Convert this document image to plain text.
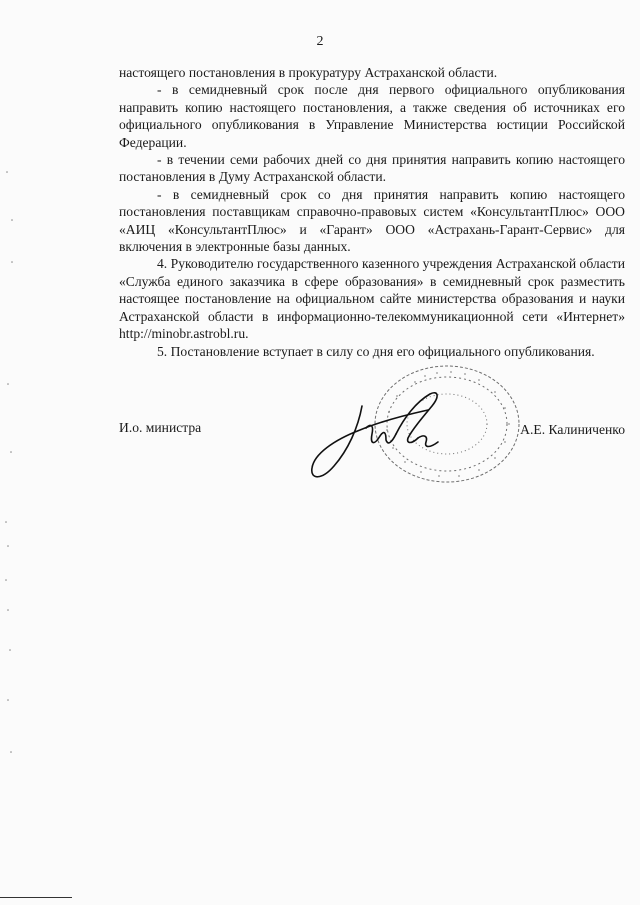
2

настоящего постановления в прокуратуру Астраханской области.

- в семидневный срок после дня первого официального опубликования направить копию настоящего постановления, а также сведения об источниках его официального опубликования в Управление Министерства юстиции Российской Федерации.

- в течении семи рабочих дней со дня принятия направить копию настоящего постановления в Думу Астраханской области.

- в семидневный срок со дня принятия направить копию настоящего постановления поставщикам справочно-правовых систем «КонсультантПлюс» ООО «АИЦ «КонсультантПлюс» и «Гарант» ООО «Астрахань-Гарант-Сервис» для включения в электронные базы данных.

4. Руководителю государственного казенного учреждения Астраханской области «Служба единого заказчика в сфере образования» в семидневный срок разместить настоящее постановление на официальном сайте министерства образования и науки Астраханской области в информационно-телекоммуникационной сети «Интернет» http://minobr.astrobl.ru.

5. Постановление вступает в силу со дня его официального опубликования.

И.о. министра	А.Е. Калиниченко
